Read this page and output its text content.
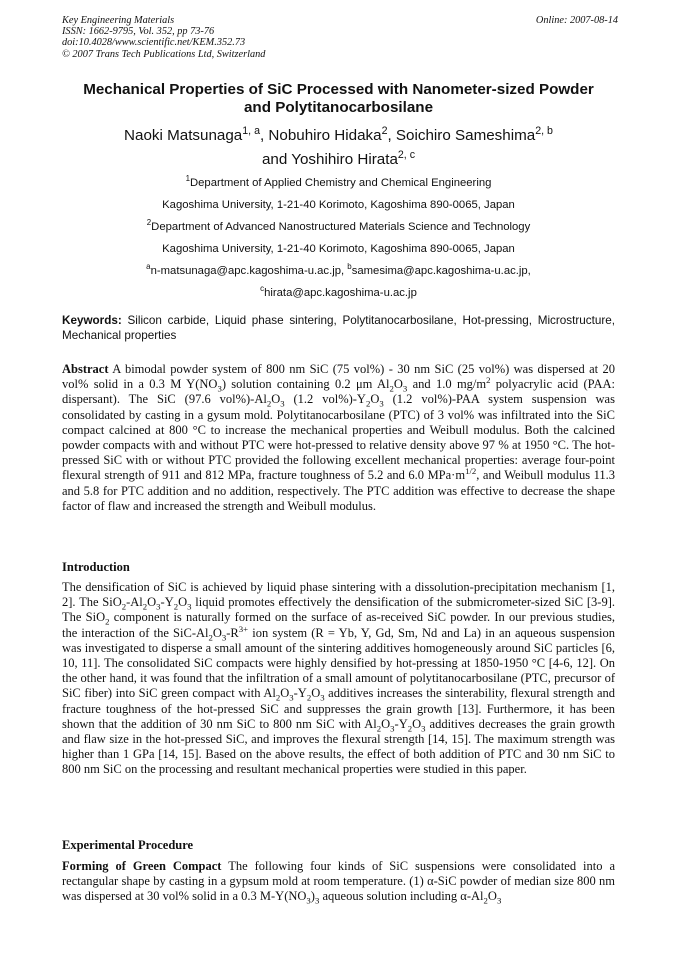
Key Engineering Materials
ISSN: 1662-9795, Vol. 352, pp 73-76
doi:10.4028/www.scientific.net/KEM.352.73
© 2007 Trans Tech Publications Ltd, Switzerland
Online: 2007-08-14
Mechanical Properties of SiC Processed with Nanometer-sized Powder
and Polytitanocarbosilane
Naoki Matsunaga$^{1, a}$, Nobuhiro Hidaka$^2$, Soichiro Sameshima$^{2, b}$
and Yoshihiro Hirata$^{2, c}$
$^1$Department of Applied Chemistry and Chemical Engineering
Kagoshima University, 1-21-40 Korimoto, Kagoshima 890-0065, Japan
$^2$Department of Advanced Nanostructured Materials Science and Technology
Kagoshima University, 1-21-40 Korimoto, Kagoshima 890-0065, Japan
$^a$n-matsunaga@apc.kagoshima-u.ac.jp, $^b$samesima@apc.kagoshima-u.ac.jp,
$^c$hirata@apc.kagoshima-u.ac.jp
Keywords: Silicon carbide, Liquid phase sintering, Polytitanocarbosilane, Hot-pressing, Microstructure, Mechanical properties
Abstract A bimodal powder system of 800 nm SiC (75 vol%) - 30 nm SiC (25 vol%) was dispersed at 20 vol% solid in a 0.3 M $Y(NO_3)$ solution containing 0.2 μm $Al_2O_3$ and 1.0 $mg/m^2$ polyacrylic acid (PAA: dispersant). The SiC (97.6 $vol\%)-Al_2O_3$ (1.2 $vol\%)-Y_2O_3$ (1.2 vol%)-PAA system suspension was consolidated by casting in a gysum mold. Polytitanocarbosilane (PTC) of 3 vol% was infiltrated into the SiC compact calcined at 800 °C to increase the mechanical properties and Weibull modulus. Both the calcined powder compacts with and without PTC were hot-pressed to relative density above 97 % at 1950 °C. The hot-pressed SiC with or without PTC provided the following excellent mechanical properties: average four-point flexural strength of 911 and 812 MPa, fracture toughness of 5.2 and 6.0 $MPa\cdot m^{1/2}$, and Weibull modulus 11.3 and 5.8 for PTC addition and no addition, respectively. The PTC addition was effective to decrease the shape factor of flaw and increased the strength and Weibull modulus.
Introduction
The densification of SiC is achieved by liquid phase sintering with a dissolution-precipitation mechanism [1, 2]. The $SiO_2-Al_2O_3-Y_2O_3$ liquid promotes effectively the densification of the submicrometer-sized SiC [3-9]. The SiO$_2$ component is naturally formed on the surface of as-received SiC powder. In our previous studies, the interaction of the SiC-$Al_2O_3-R^{3+}$ ion system (R = Yb, Y, Gd, Sm, Nd and La) in an aqueous suspension was investigated to disperse a small amount of the sintering additives homogeneously around SiC particles [6, 10, 11]. The consolidated SiC compacts were highly densified by hot-pressing at 1850-1950 °C [4-6, 12]. On the other hand, it was found that the infiltration of a small amount of polytitanocarbosilane (PTC, precursor of SiC fiber) into SiC green compact with $Al_2O_3-Y_2O_3$ additives increases the sinterability, flexural strength and fracture toughness of the hot-pressed SiC and suppresses the grain growth [13]. Furthermore, it has been shown that the addition of 30 nm SiC to 800 nm SiC with $Al_2O_3-Y_2O_3$ additives decreases the grain growth and flaw size in the hot-pressed SiC, and improves the flexural strength [14, 15]. The maximum strength was higher than 1 GPa [14, 15]. Based on the above results, the effect of both addition of PTC and 30 nm SiC to 800 nm SiC on the processing and resultant mechanical properties were studied in this paper.
Experimental Procedure
Forming of Green Compact The following four kinds of SiC suspensions were consolidated into a rectangular shape by casting in a gypsum mold at room temperature. (1) α-SiC powder of median size 800 nm was dispersed at 30 vol% solid in a 0.3 $M-Y(NO_3)_3$ aqueous solution including $\alpha-Al_2O_3$
